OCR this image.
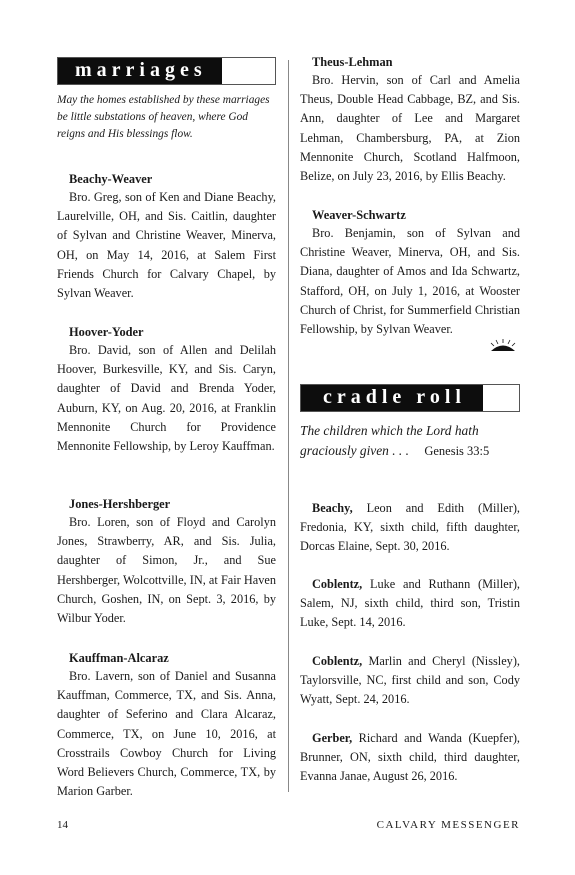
marriages

May the homes established by these marriages be little substations of heaven, where God reigns and His blessings flow.

Beachy-Weaver

Bro. Greg, son of Ken and Diane Beachy, Laurelville, OH, and Sis. Caitlin, daughter of Sylvan and Christine Weaver, Minerva, OH, on May 14, 2016, at Salem First Friends Church for Calvary Chapel, by Sylvan Weaver.

Hoover-Yoder

Bro. David, son of Allen and Delilah Hoover, Burkesville, KY, and Sis. Caryn, daughter of David and Brenda Yoder, Auburn, KY, on Aug. 20, 2016, at Franklin Mennonite Church for Providence Mennonite Fellowship, by Leroy Kauffman.

Jones-Hershberger

Bro. Loren, son of Floyd and Carolyn Jones, Strawberry, AR, and Sis. Julia, daughter of Simon, Jr., and Sue Hershberger, Wolcottville, IN, at Fair Haven Church, Goshen, IN, on Sept. 3, 2016, by Wilbur Yoder.

Kauffman-Alcaraz

Bro. Lavern, son of Daniel and Susanna Kauffman, Commerce, TX, and Sis. Anna, daughter of Seferino and Clara Alcaraz, Commerce, TX, on June 10, 2016, at Crosstrails Cowboy Church for Living Word Believers Church, Commerce, TX, by Marion Garber.

Theus-Lehman

Bro. Hervin, son of Carl and Amelia Theus, Double Head Cabbage, BZ, and Sis. Ann, daughter of Lee and Margaret Lehman, Chambersburg, PA, at Zion Mennonite Church, Scotland Halfmoon, Belize, on July 23, 2016, by Ellis Beachy.

Weaver-Schwartz

Bro. Benjamin, son of Sylvan and Christine Weaver, Minerva, OH, and Sis. Diana, daughter of Amos and Ida Schwartz, Stafford, OH, on July 1, 2016, at Wooster Church of Christ, for Summerfield Christian Fellowship, by Sylvan Weaver.

cradle roll

The children which the Lord hath graciously given . . . Genesis 33:5

Beachy, Leon and Edith (Miller), Fredonia, KY, sixth child, fifth daughter, Dorcas Elaine, Sept. 30, 2016.

Coblentz, Luke and Ruthann (Miller), Salem, NJ, sixth child, third son, Tristin Luke, Sept. 14, 2016.

Coblentz, Marlin and Cheryl (Nissley), Taylorsville, NC, first child and son, Cody Wyatt, Sept. 24, 2016.

Gerber, Richard and Wanda (Kuepfer), Brunner, ON, sixth child, third daughter, Evanna Janae, August 26, 2016.

14	CALVARY MESSENGER
